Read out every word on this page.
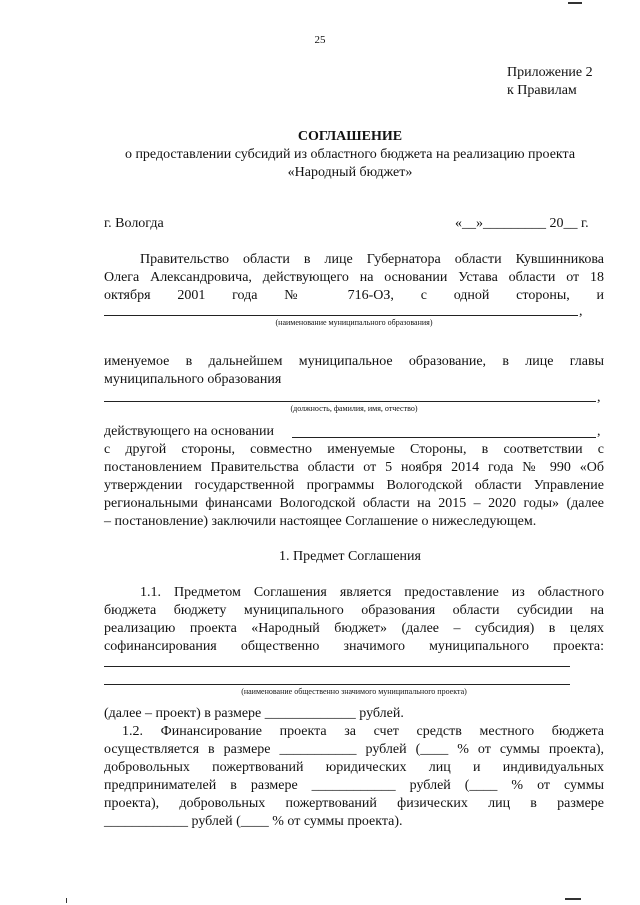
25
Приложение 2
к Правилам
СОГЛАШЕНИЕ
о предоставлении субсидий из областного бюджета на реализацию проекта
«Народный бюджет»
г. Вологда	«__»_________ 20__ г.
Правительство области в лице Губернатора области Кувшинникова
Олега Александровича, действующего на основании Устава области от 18
октября 2001 года № 716-ОЗ, с одной стороны, и
,
(наименование муниципального образования)
именуемое в дальнейшем муниципальное образование, в лице главы
муниципального образования
,
(должность, фамилия, имя, отчество)
действующего на основании	,
с другой стороны, совместно именуемые Стороны, в соответствии с
постановлением Правительства области от 5 ноября 2014 года № 990 «Об
утверждении государственной программы Вологодской области Управление
региональными финансами Вологодской области на 2015 – 2020 годы» (далее
– постановление) заключили настоящее Соглашение о нижеследующем.
1. Предмет Соглашения
1.1. Предметом Соглашения является предоставление из областного
бюджета бюджету муниципального образования области субсидии на
реализацию проекта «Народный бюджет» (далее – субсидия) в целях
софинансирования общественно значимого муниципального проекта:
(наименование общественно значимого муниципального проекта)
(далее – проект) в размере _____________ рублей.
1.2. Финансирование проекта за счет средств местного бюджета
осуществляется в размере ___________ рублей (____ % от суммы проекта),
добровольных пожертвований юридических лиц и индивидуальных
предпринимателей в размере ____________ рублей (____ % от суммы
проекта), добровольных пожертвований физических лиц в размере
____________ рублей (____ % от суммы проекта).
